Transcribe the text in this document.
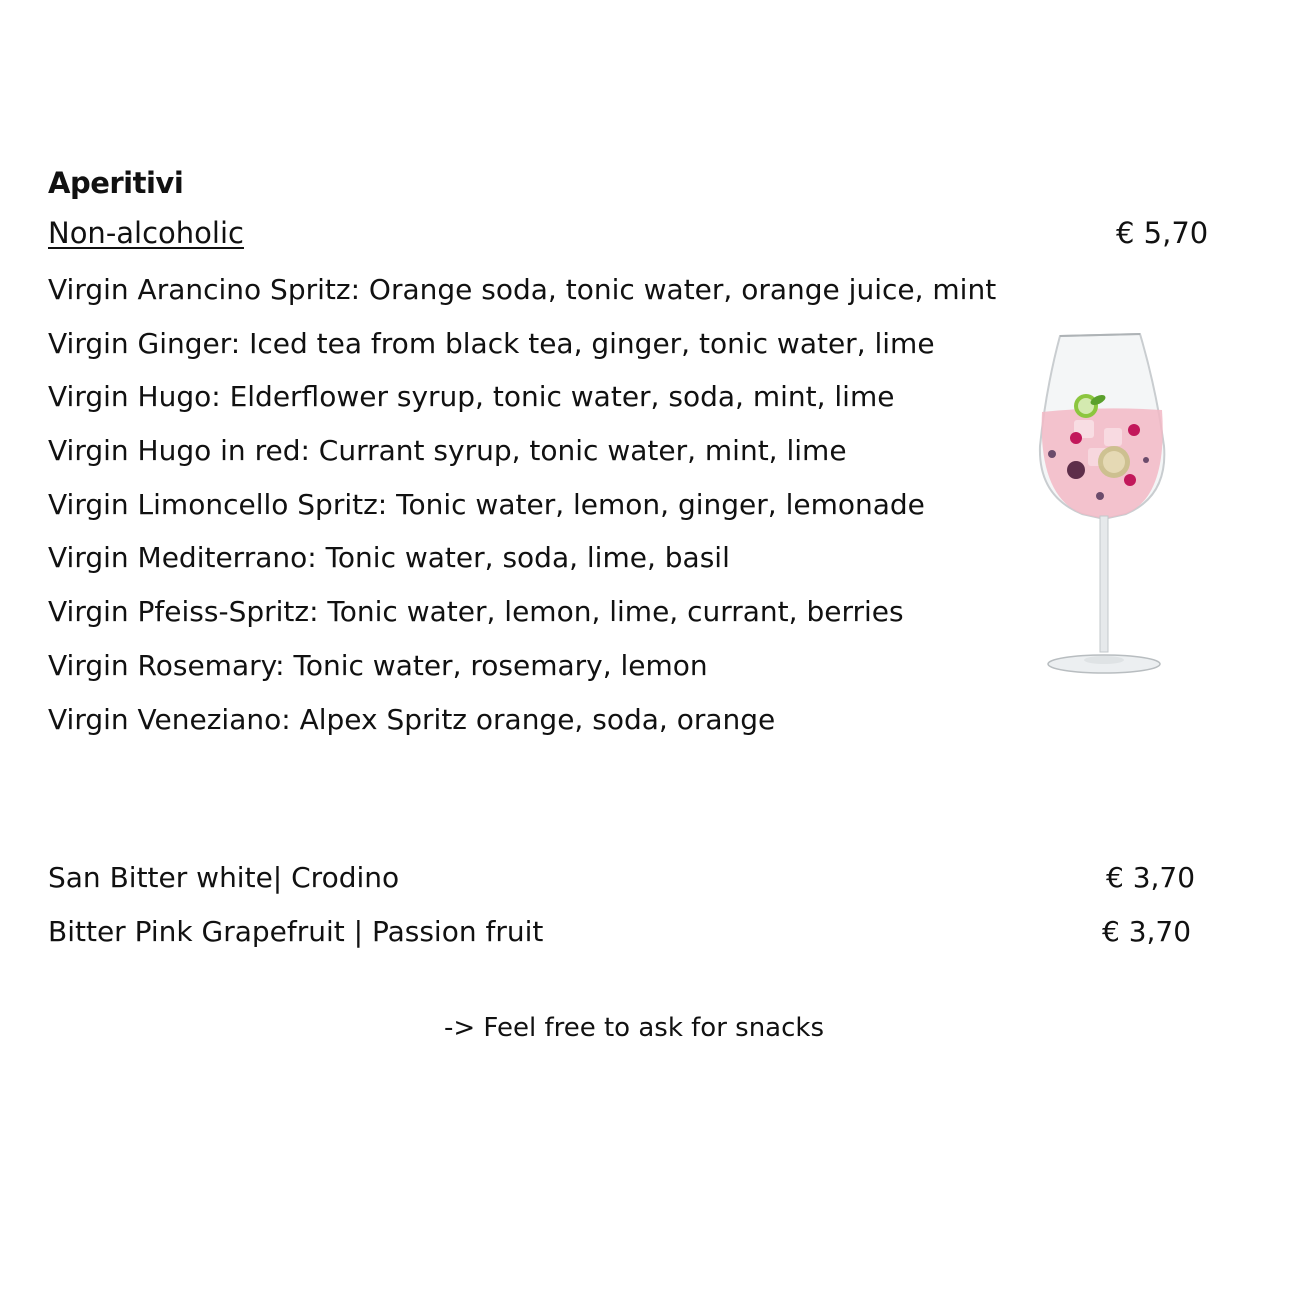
Aperitivi
Non-alcoholic	€ 5,70
Virgin Arancino Spritz: Orange soda, tonic water, orange juice, mint
Virgin Ginger: Iced tea from black tea, ginger, tonic water, lime
Virgin Hugo: Elderflower syrup, tonic water, soda, mint, lime
Virgin Hugo in red: Currant syrup, tonic water, mint, lime
Virgin Limoncello Spritz: Tonic water, lemon, ginger, lemonade
Virgin Mediterrano: Tonic water, soda, lime, basil
Virgin Pfeiss-Spritz: Tonic water, lemon, lime, currant, berries
Virgin Rosemary: Tonic water, rosemary, lemon
Virgin Veneziano: Alpex Spritz orange, soda, orange
San Bitter white| Crodino	€ 3,70
Bitter Pink Grapefruit | Passion fruit	€ 3,70
-> Feel free to ask for snacks
